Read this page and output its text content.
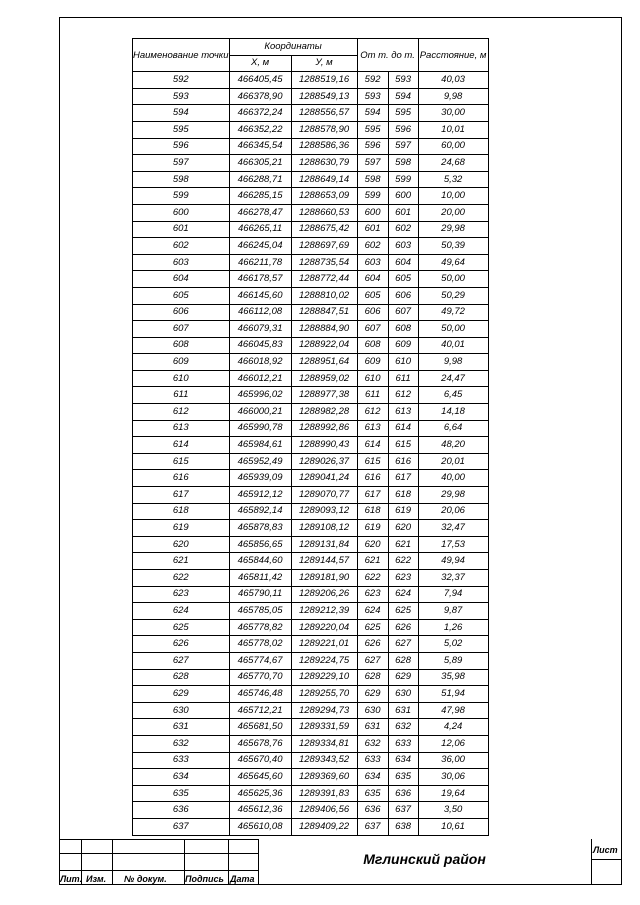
Наименование точки	Координаты		От т. до т.		Расстояние, м
	X, м	У, м			
592	466405,45	1288519,16	592	593	40,03
593	466378,90	1288549,13	593	594	9,98
594	466372,24	1288556,57	594	595	30,00
595	466352,22	1288578,90	595	596	10,01
596	466345,54	1288586,36	596	597	60,00
597	466305,21	1288630,79	597	598	24,68
598	466288,71	1288649,14	598	599	5,32
599	466285,15	1288653,09	599	600	10,00
600	466278,47	1288660,53	600	601	20,00
601	466265,11	1288675,42	601	602	29,98
602	466245,04	1288697,69	602	603	50,39
603	466211,78	1288735,54	603	604	49,64
604	466178,57	1288772,44	604	605	50,00
605	466145,60	1288810,02	605	606	50,29
606	466112,08	1288847,51	606	607	49,72
607	466079,31	1288884,90	607	608	50,00
608	466045,83	1288922,04	608	609	40,01
609	466018,92	1288951,64	609	610	9,98
610	466012,21	1288959,02	610	611	24,47
611	465996,02	1288977,38	611	612	6,45
612	466000,21	1288982,28	612	613	14,18
613	465990,78	1288992,86	613	614	6,64
614	465984,61	1288990,43	614	615	48,20
615	465952,49	1289026,37	615	616	20,01
616	465939,09	1289041,24	616	617	40,00
617	465912,12	1289070,77	617	618	29,98
618	465892,14	1289093,12	618	619	20,06
619	465878,83	1289108,12	619	620	32,47
620	465856,65	1289131,84	620	621	17,53
621	465844,60	1289144,57	621	622	49,94
622	465811,42	1289181,90	622	623	32,37
623	465790,11	1289206,26	623	624	7,94
624	465785,05	1289212,39	624	625	9,87
625	465778,82	1289220,04	625	626	1,26
626	465778,02	1289221,01	626	627	5,02
627	465774,67	1289224,75	627	628	5,89
628	465770,70	1289229,10	628	629	35,98
629	465746,48	1289255,70	629	630	51,94
630	465712,21	1289294,73	630	631	47,98
631	465681,50	1289331,59	631	632	4,24
632	465678,76	1289334,81	632	633	12,06
633	465670,40	1289343,52	633	634	36,00
634	465645,60	1289369,60	634	635	30,06
635	465625,36	1289391,83	635	636	19,64
636	465612,36	1289406,56	636	637	3,50
637	465610,08	1289409,22	637	638	10,61
Лит. Изм. № докум. Подпись Дата
Мглинский район
Лист
